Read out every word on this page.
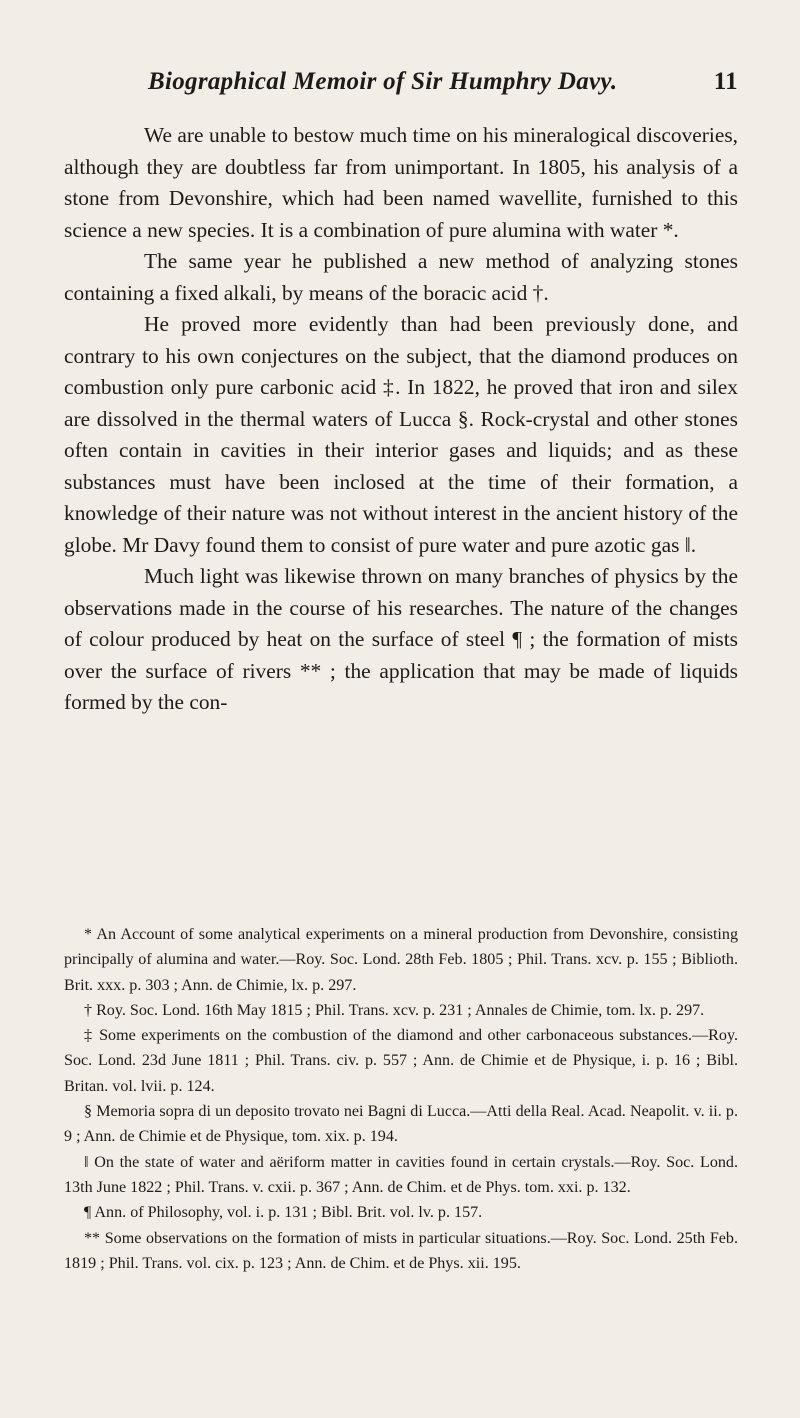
Biographical Memoir of Sir Humphry Davy.	11

We are unable to bestow much time on his mineralogical discoveries, although they are doubtless far from unimportant. In 1805, his analysis of a stone from Devonshire, which had been named wavellite, furnished to this science a new species. It is a combination of pure alumina with water *.

The same year he published a new method of analyzing stones containing a fixed alkali, by means of the boracic acid †.

He proved more evidently than had been previously done, and contrary to his own conjectures on the subject, that the diamond produces on combustion only pure carbonic acid ‡. In 1822, he proved that iron and silex are dissolved in the thermal waters of Lucca §. Rock-crystal and other stones often contain in cavities in their interior gases and liquids; and as these substances must have been inclosed at the time of their formation, a knowledge of their nature was not without interest in the ancient history of the globe. Mr Davy found them to consist of pure water and pure azotic gas ‖.

Much light was likewise thrown on many branches of physics by the observations made in the course of his researches. The nature of the changes of colour produced by heat on the surface of steel ¶ ; the formation of mists over the surface of rivers ** ; the application that may be made of liquids formed by the con-

* An Account of some analytical experiments on a mineral production from Devonshire, consisting principally of alumina and water.—Roy. Soc. Lond. 28th Feb. 1805 ; Phil. Trans. xcv. p. 155 ; Biblioth. Brit. xxx. p. 303 ; Ann. de Chimie, lx. p. 297.

† Roy. Soc. Lond. 16th May 1815 ; Phil. Trans. xcv. p. 231 ; Annales de Chimie, tom. lx. p. 297.

‡ Some experiments on the combustion of the diamond and other carbonaceous substances.—Roy. Soc. Lond. 23d June 1811 ; Phil. Trans. civ. p. 557 ; Ann. de Chimie et de Physique, i. p. 16 ; Bibl. Britan. vol. lvii. p. 124.

§ Memoria sopra di un deposito trovato nei Bagni di Lucca.—Atti della Real. Acad. Neapolit. v. ii. p. 9 ; Ann. de Chimie et de Physique, tom. xix. p. 194.

‖ On the state of water and aëriform matter in cavities found in certain crystals.—Roy. Soc. Lond. 13th June 1822 ; Phil. Trans. v. cxii. p. 367 ; Ann. de Chim. et de Phys. tom. xxi. p. 132.

¶ Ann. of Philosophy, vol. i. p. 131 ; Bibl. Brit. vol. lv. p. 157.

** Some observations on the formation of mists in particular situations.—Roy. Soc. Lond. 25th Feb. 1819 ; Phil. Trans. vol. cix. p. 123 ; Ann. de Chim. et de Phys. xii. 195.
